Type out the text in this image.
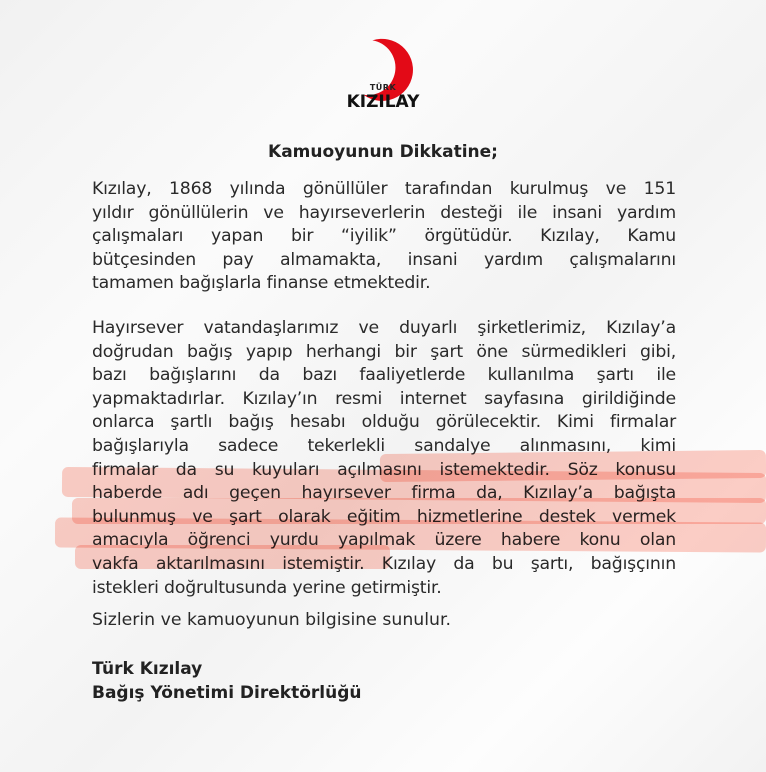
TÜRK
KIZILAY
Kamuoyunun Dikkatine;
Kızılay, 1868 yılında gönüllüler tarafından kurulmuş ve 151
yıldır gönüllülerin ve hayırseverlerin desteği ile insani yardım
çalışmaları yapan bir “iyilik” örgütüdür. Kızılay, Kamu
bütçesinden pay almamakta, insani yardım çalışmalarını
tamamen bağışlarla finanse etmektedir.
Hayırsever vatandaşlarımız ve duyarlı şirketlerimiz, Kızılay’a
doğrudan bağış yapıp herhangi bir şart öne sürmedikleri gibi,
bazı bağışlarını da bazı faaliyetlerde kullanılma şartı ile
yapmaktadırlar. Kızılay’ın resmi internet sayfasına girildiğinde
onlarca şartlı bağış hesabı olduğu görülecektir. Kimi firmalar
bağışlarıyla sadece tekerlekli sandalye alınmasını, kimi
firmalar da su kuyuları açılmasını istemektedir. Söz konusu
haberde adı geçen hayırsever firma da, Kızılay’a bağışta
bulunmuş ve şart olarak eğitim hizmetlerine destek vermek
amacıyla öğrenci yurdu yapılmak üzere habere konu olan
vakfa aktarılmasını istemiştir. Kızılay da bu şartı, bağışçının
istekleri doğrultusunda yerine getirmiştir.
Sizlerin ve kamuoyunun bilgisine sunulur.
Türk Kızılay
Bağış Yönetimi Direktörlüğü
